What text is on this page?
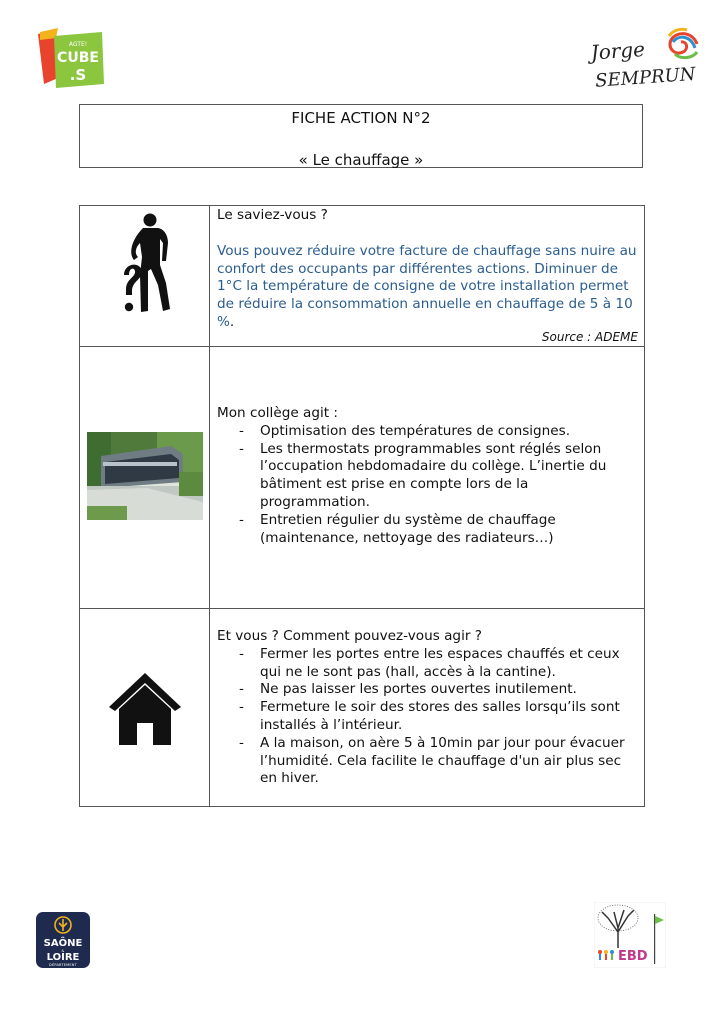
AGTE!
CUBE
.S
Jorge
SEMPRUN
FICHE ACTION N°2
« Le chauffage »
Le saviez-vous ?
Vous pouvez réduire votre facture de chauffage sans nuire au confort des occupants par différentes actions. Diminuer de 1°C la température de consigne de votre installation permet de réduire la consommation annuelle en chauffage de 5 à 10 %.
Source : ADEME
Mon collège agit :
- Optimisation des températures de consignes.
- Les thermostats programmables sont réglés selon l’occupation hebdomadaire du collège. L’inertie du bâtiment est prise en compte lors de la programmation.
- Entretien régulier du système de chauffage (maintenance, nettoyage des radiateurs…)
Et vous ? Comment pouvez-vous agir ?
- Fermer les portes entre les espaces chauffés et ceux qui ne le sont pas (hall, accès à la cantine).
- Ne pas laisser les portes ouvertes inutilement.
- Fermeture le soir des stores des salles lorsqu’ils sont installés à l’intérieur.
- A la maison, on aère 5 à 10min par jour pour évacuer l’humidité. Cela facilite le chauffage d'un air plus sec en hiver.
SAÔNE
&
LOIRE
DÉPARTEMENT
EBD
